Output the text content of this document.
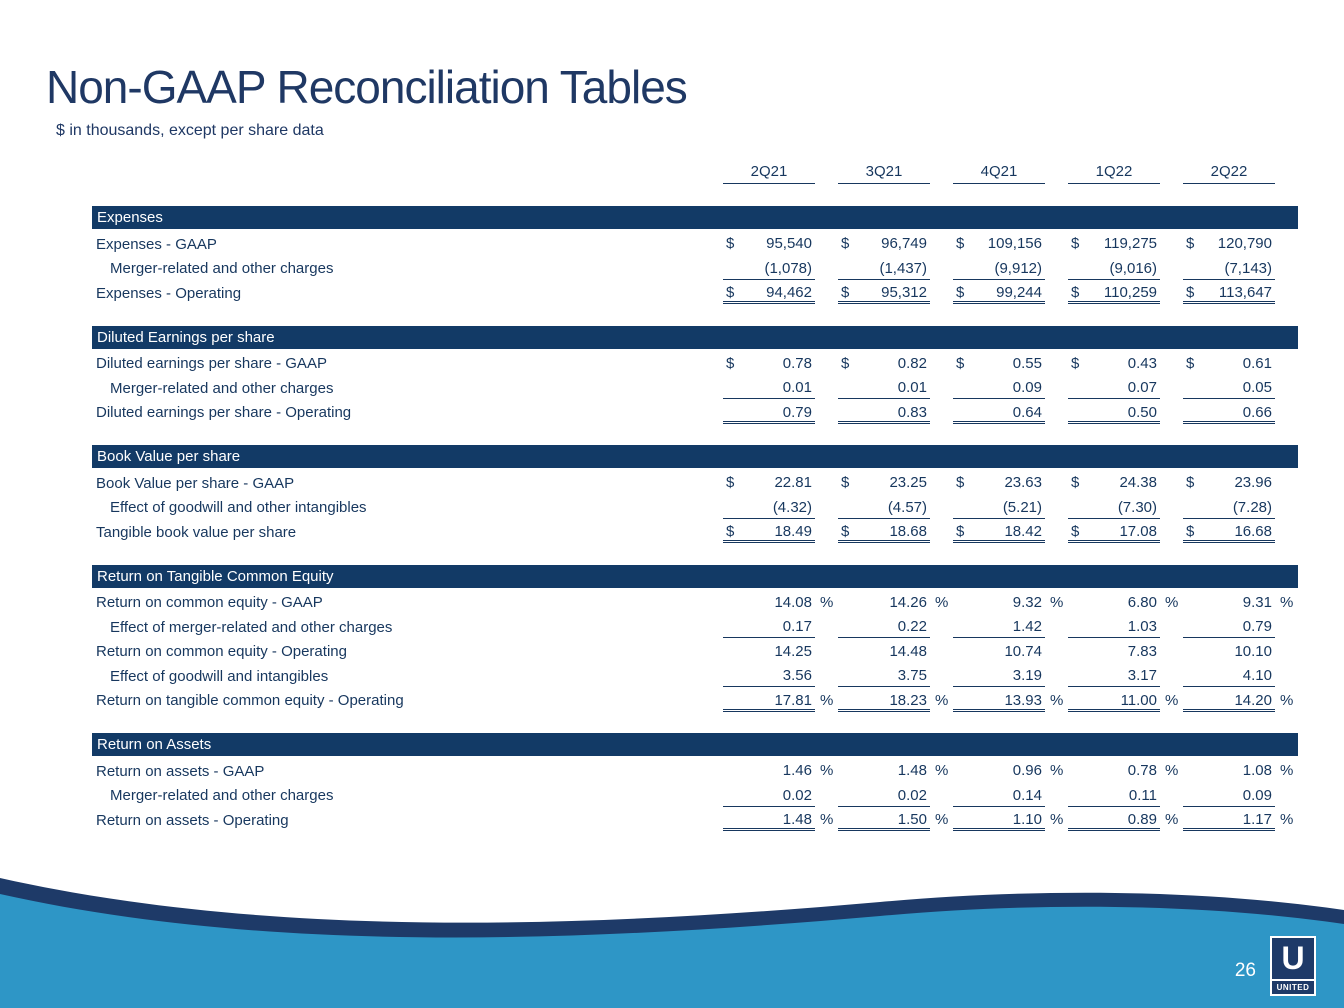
Non-GAAP Reconciliation Tables
$ in thousands, except per share data
2Q21	3Q21	4Q21	1Q22	2Q22
Expenses
Expenses - GAAP	$ 95,540 $ 96,749 $ 109,156 $ 119,275 $ 120,790
Merger-related and other charges	(1,078)	(1,437)	(9,912)	(9,016)	(7,143)
Expenses - Operating	$ 94,462 $ 95,312 $ 99,244 $ 110,259 $ 113,647
Diluted Earnings per share
Diluted earnings per share - GAAP	$	0.78 $	0.82 $	0.55 $	0.43 $	0.61
Merger-related and other charges	0.01	0.01	0.09	0.07	0.05
Diluted earnings per share - Operating	0.79	0.83	0.64	0.50	0.66
Book Value per share
Book Value per share - GAAP	$	22.81 $	23.25 $	23.63 $	24.38 $	23.96
Effect of goodwill and other intangibles	(4.32)	(4.57)	(5.21)	(7.30)	(7.28)
Tangible book value per share	$	18.49 $	18.68 $	18.42 $	17.08 $	16.68
Return on Tangible Common Equity
Return on common equity - GAAP	14.08 %	14.26 %	9.32 %	6.80 %	9.31 %
Effect of merger-related and other charges	0.17	0.22	1.42	1.03	0.79
Return on common equity - Operating	14.25	14.48	10.74	7.83	10.10
Effect of goodwill and intangibles	3.56	3.75	3.19	3.17	4.10
Return on tangible common equity - Operating	17.81 %	18.23 %	13.93 %	11.00 %	14.20 %
Return on Assets
Return on assets - GAAP	1.46 %	1.48 %	0.96 %	0.78 %	1.08 %
Merger-related and other charges	0.02	0.02	0.14	0.11	0.09
Return on assets - Operating	1.48 %	1.50 %	1.10 %	0.89 %	1.17 %
26 U
UNITED
